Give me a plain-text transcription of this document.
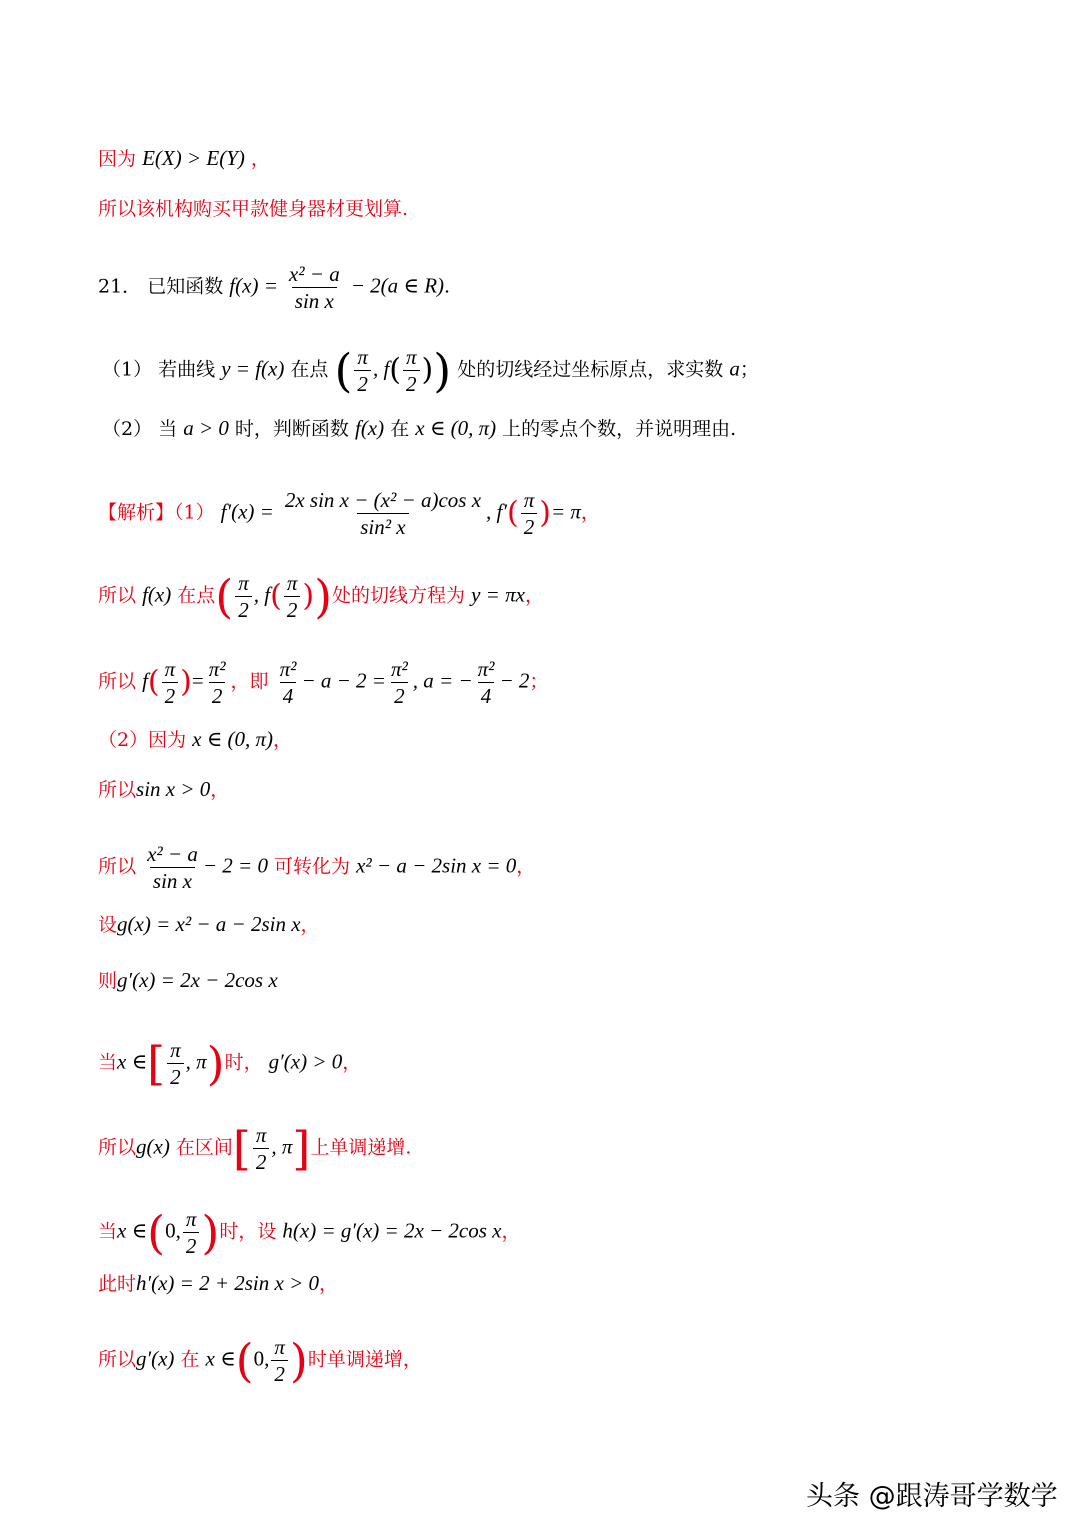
因为 E(X) > E(Y) ，
所以该机构购买甲款健身器材更划算.
21． 已知函数 $f(x) = \frac{\text{x² − a}}{\text{sin x}} - 2(a$ ∈ R).
（1） 若曲线 y = f(x) 在点 ( $\frac{\pi}{2}$ , $f( \frac{\pi}{2}$ )) 处的切线经过坐标原点，求实数 a；
（2） 当 a > 0 时，判断函数 f(x) 在 x ∈ (0, π) 上的零点个数，并说明理由.
【解析】（1） $f'(x) = \frac{\text{2x sin x − (x² − a)cos x}}{\text{sin² x}}$ , $f'( \frac{\pi}{2}$ )= π，
所以 f(x) 在点( $\frac{\pi}{2}$ , $f( \frac{\pi}{2}$ ))处的切线方程为 y = πx，
所以 $f( \frac{\pi}{2}$ )= $\frac{\text{π²}}{2}$ ，即 $\frac{\text{π²}}{4} - a - 2 = \frac{\text{π²}}{2}$ , a = − $\frac{\text{π²}}{4} - 2$；
（2）因为 x ∈ (0, π)，
所以sin x > 0，
所以 $\frac{\text{x² − a}}{\text{sin x}} - 2 = 0$ 可转化为 x² − a − 2sin x = 0，
设g(x) = x² − a − 2sin x，
则g′(x) = 2x − 2cos x
当x ∈[ $\frac{\pi}{2}$ , π)时， g′(x) > 0，
所以g(x) 在区间[ $\frac{\pi}{2}$ , π]上单调递增.
当x ∈(0, $\frac{\pi}{2}$ )时，设 h(x) = g′(x) = 2x − 2cos x，
此时h′(x) = 2 + 2sin x > 0，
所以g′(x) 在 x ∈(0, $\frac{\pi}{2}$ )时单调递增，
头条 @跟涛哥学数学
